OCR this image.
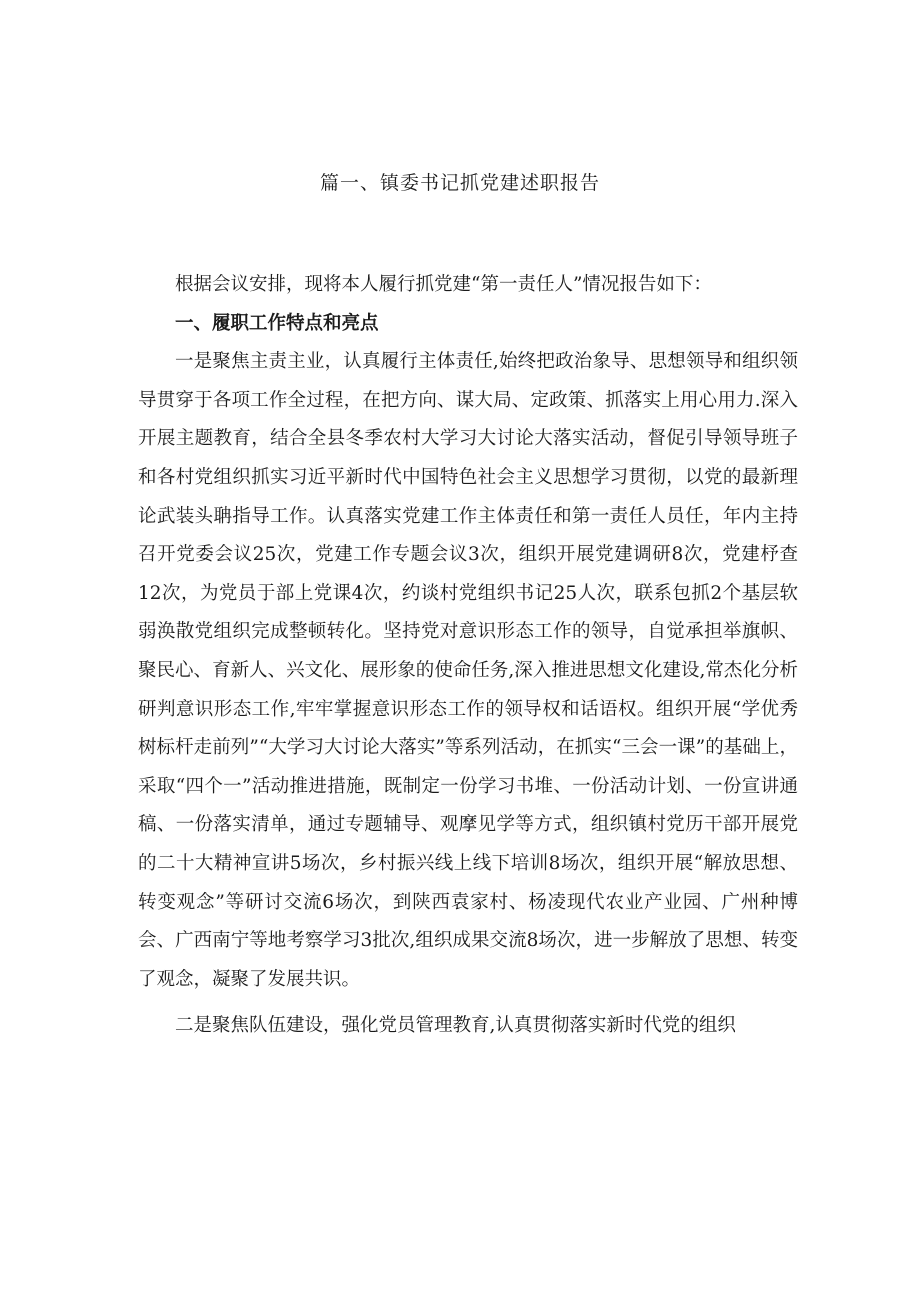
篇一、镇委书记抓党建述职报告

根据会议安排，现将本人履行抓党建“第一责任人”情况报告如下：

一、履职工作特点和亮点

一是聚焦主责主业，认真履行主体责任,始终把政治象导、思想领导和组织领导贯穿于各项工作全过程，在把方向、谋大局、定政策、抓落实上用心用力.深入开展主题教育，结合全县冬季农村大学习大讨论大落实活动，督促引导领导班子和各村党组织抓实习近平新时代中国特色社会主义思想学习贯彻，以党的最新理论武装头聃指导工作。认真落实党建工作主体责任和第一责任人员任，年内主持召开党委会议25次，党建工作专题会议3次，组织开展党建调研8次，党建杼查12次，为党员于部上党课4次，约谈村党组织书记25人次，联系包抓2个基层软弱涣散党组织完成整顿转化。坚持党对意识形态工作的领导，自觉承担举旗帜、聚民心、育新人、兴文化、展形象的使命任务,深入推进思想文化建设,常杰化分析研判意识形态工作,牢牢掌握意识形态工作的领导权和话语权。组织开展“学优秀树标杆走前列”“大学习大讨论大落实”等系列活动，在抓实“三会一课”的基础上，采取“四个一”活动推进措施，既制定一份学习书堆、一份活动计划、一份宣讲通稿、一份落实清单，通过专题辅导、观摩见学等方式，组织镇村党历干部开展党的二十大精神宣讲5场次，乡村振兴线上线下培训8场次，组织开展“解放思想、转变观念”等研讨交流6场次，到陕西袁家村、杨凌现代农业产业园、广州种博会、广西南宁等地考察学习3批次,组织成果交流8场次，进一步解放了思想、转变了观念，凝聚了发展共识。

二是聚焦队伍建设，强化党员管理教育,认真贯彻落实新时代党的组织
